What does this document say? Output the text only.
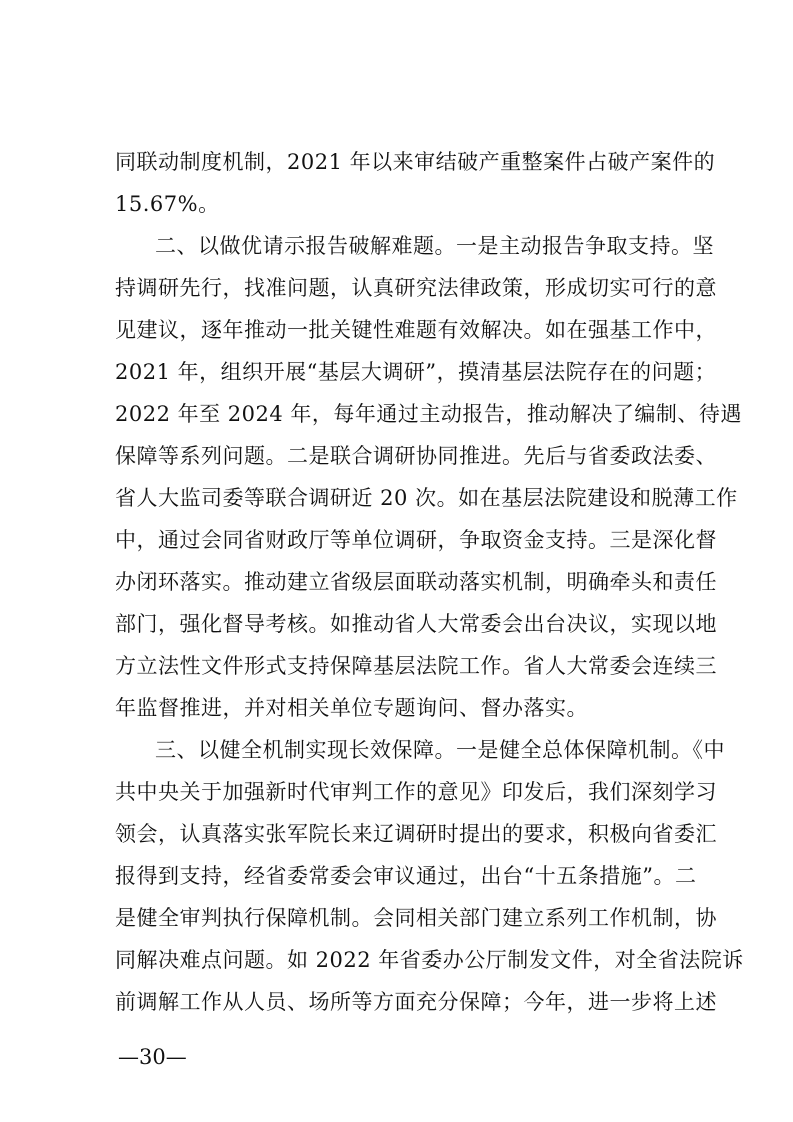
同联动制度机制，2021 年以来审结破产重整案件占破产案件的
15.67%。
二、以做优请示报告破解难题。一是主动报告争取支持。坚
持调研先行，找准问题，认真研究法律政策，形成切实可行的意
见建议，逐年推动一批关键性难题有效解决。如在强基工作中，
2021 年，组织开展“基层大调研”，摸清基层法院存在的问题；
2022 年至 2024 年，每年通过主动报告，推动解决了编制、待遇
保障等系列问题。二是联合调研协同推进。先后与省委政法委、
省人大监司委等联合调研近 20 次。如在基层法院建设和脱薄工作
中，通过会同省财政厅等单位调研，争取资金支持。三是深化督
办闭环落实。推动建立省级层面联动落实机制，明确牵头和责任
部门，强化督导考核。如推动省人大常委会出台决议，实现以地
方立法性文件形式支持保障基层法院工作。省人大常委会连续三
年监督推进，并对相关单位专题询问、督办落实。
三、以健全机制实现长效保障。一是健全总体保障机制。《中
共中央关于加强新时代审判工作的意见》印发后，我们深刻学习
领会，认真落实张军院长来辽调研时提出的要求，积极向省委汇
报得到支持，经省委常委会审议通过，出台“十五条措施”。二
是健全审判执行保障机制。会同相关部门建立系列工作机制，协
同解决难点问题。如 2022 年省委办公厅制发文件，对全省法院诉
前调解工作从人员、场所等方面充分保障；今年，进一步将上述
—30—
